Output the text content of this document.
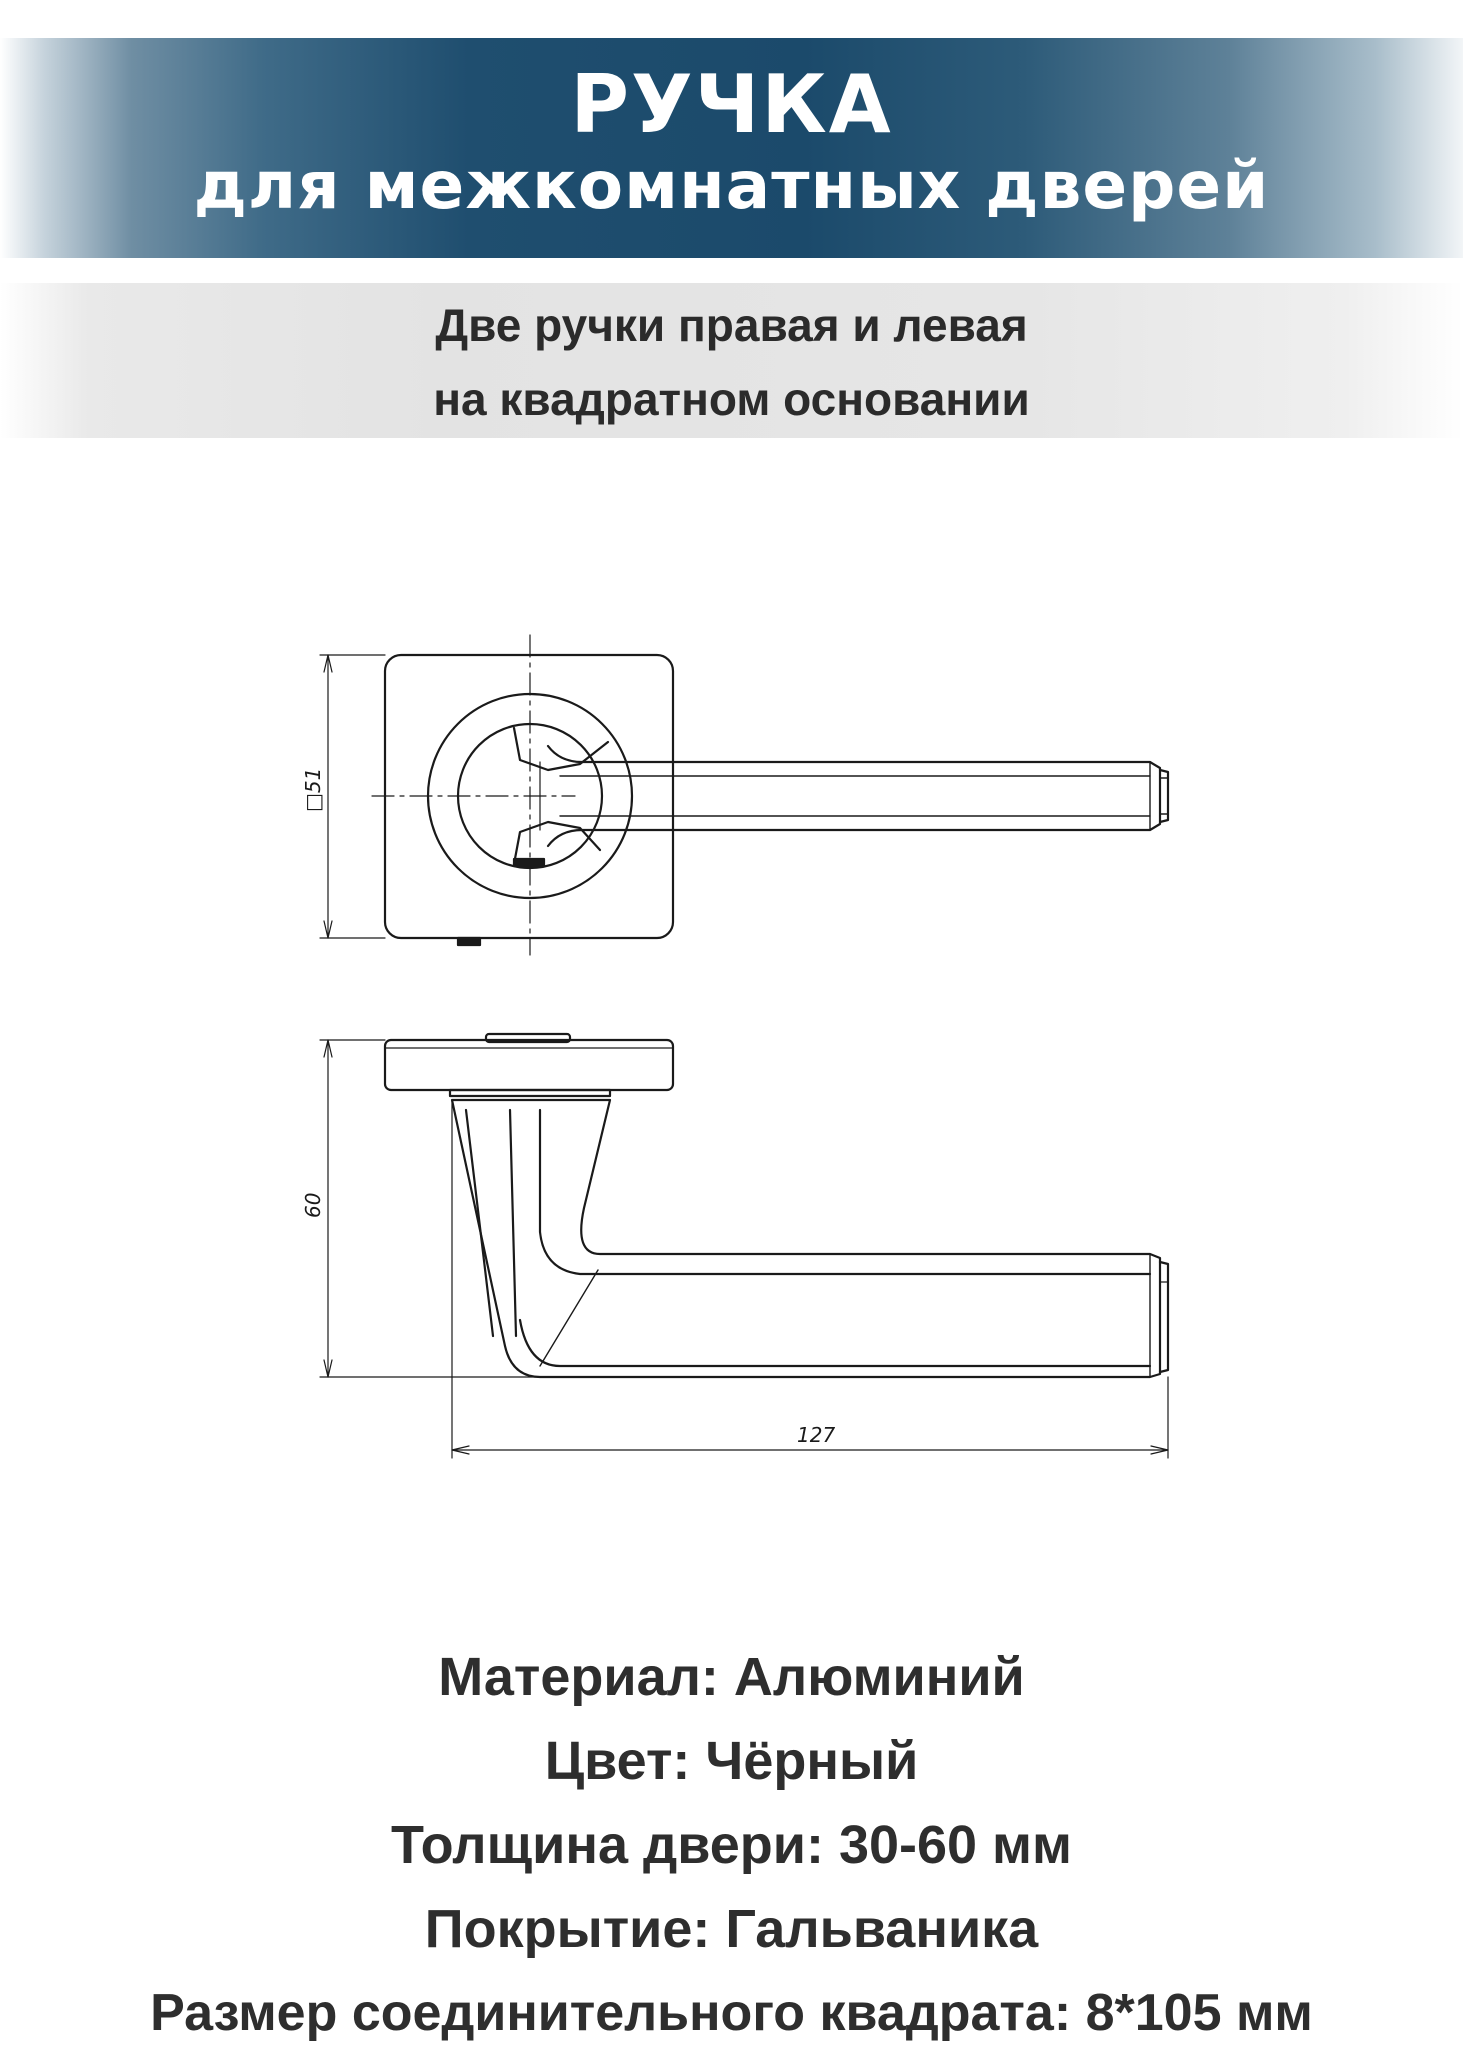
РУЧКА
для межкомнатных дверей
Две ручки правая и левая
на квадратном основании
□51
60
127
Материал: Алюминий
Цвет: Чёрный
Толщина двери: 30-60 мм
Покрытие: Гальваника
Размер соединительного квадрата: 8*105 мм
